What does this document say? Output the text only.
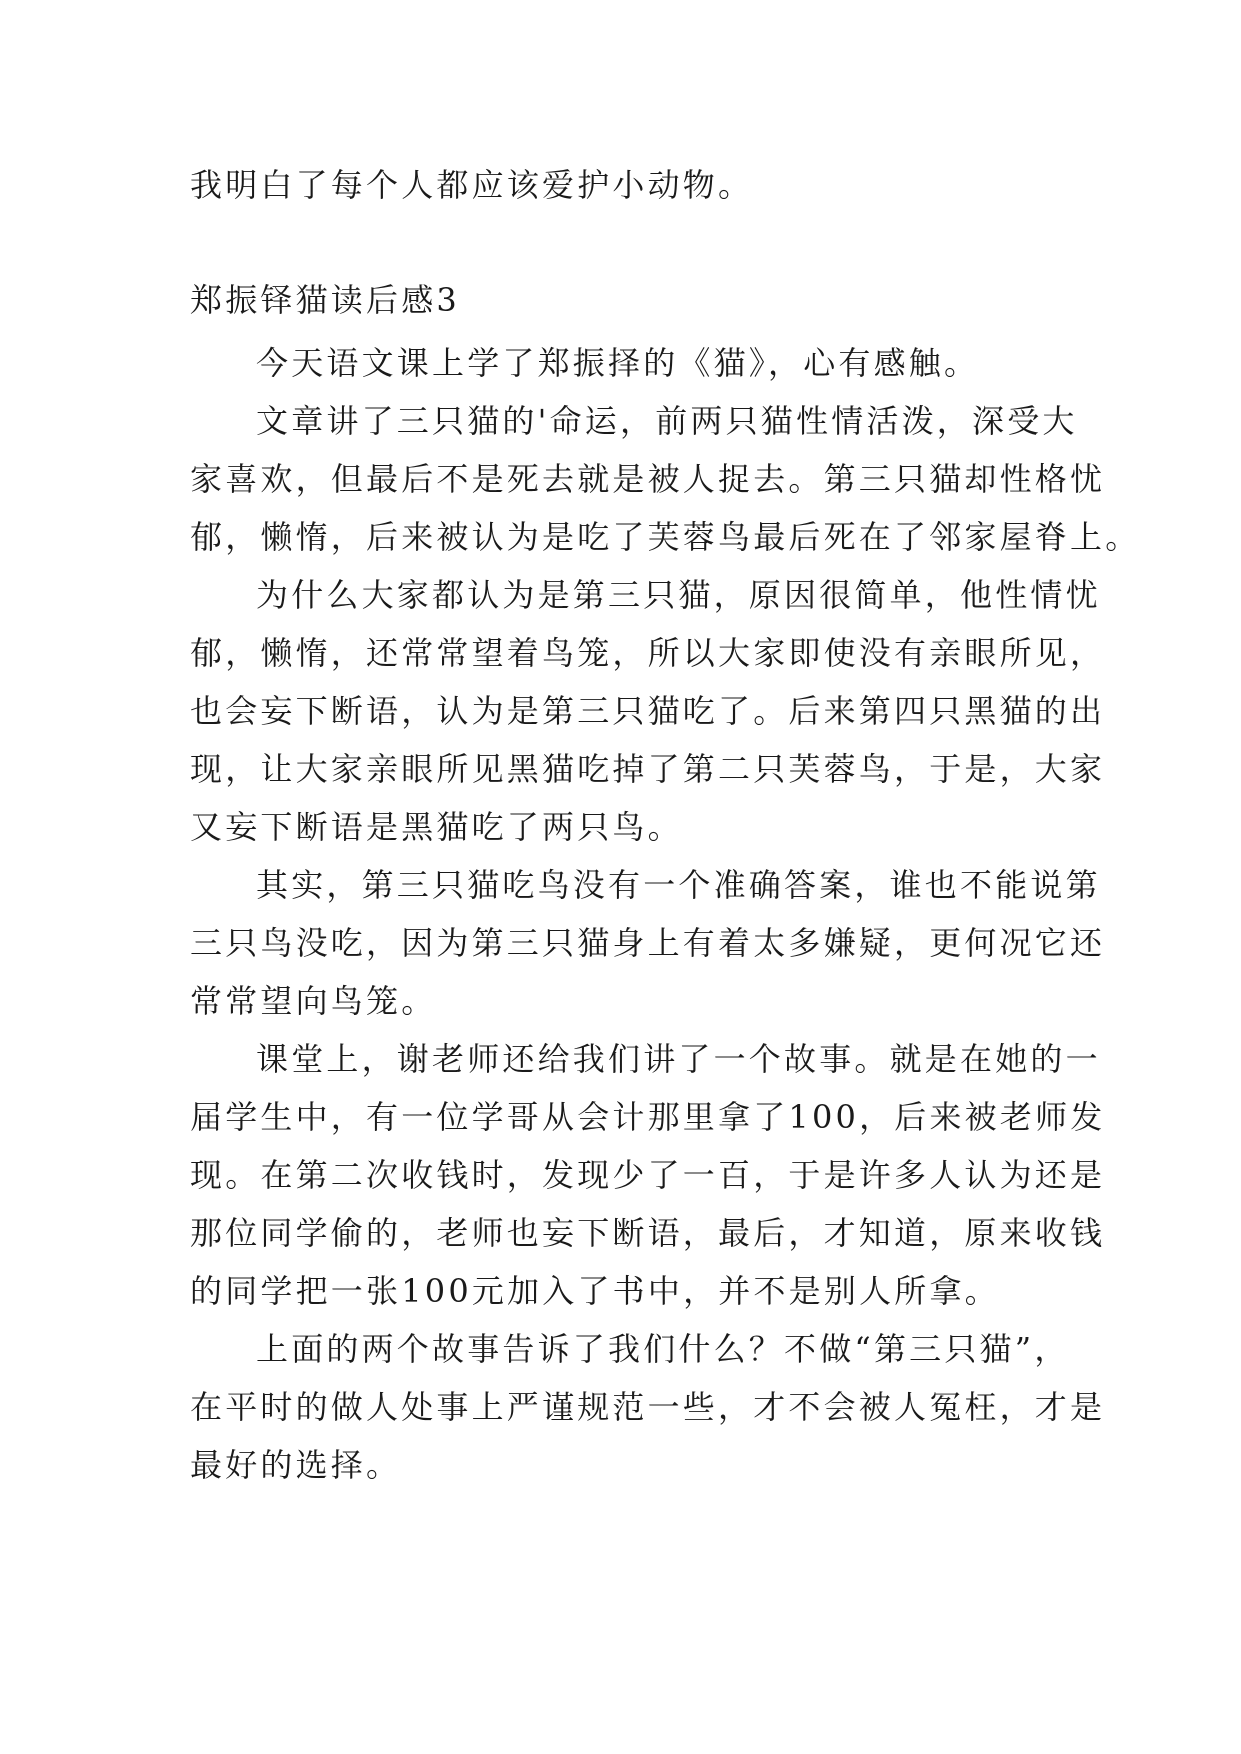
我明白了每个人都应该爱护小动物。
郑振铎猫读后感3
今天语文课上学了郑振择的《猫》，心有感触。
文章讲了三只猫的'命运，前两只猫性情活泼，深受大
家喜欢，但最后不是死去就是被人捉去。第三只猫却性格忧
郁，懒惰，后来被认为是吃了芙蓉鸟最后死在了邻家屋脊上。
为什么大家都认为是第三只猫，原因很简单，他性情忧
郁，懒惰，还常常望着鸟笼，所以大家即使没有亲眼所见，
也会妄下断语，认为是第三只猫吃了。后来第四只黑猫的出
现，让大家亲眼所见黑猫吃掉了第二只芙蓉鸟，于是，大家
又妄下断语是黑猫吃了两只鸟。
其实，第三只猫吃鸟没有一个准确答案，谁也不能说第
三只鸟没吃，因为第三只猫身上有着太多嫌疑，更何况它还
常常望向鸟笼。
课堂上，谢老师还给我们讲了一个故事。就是在她的一
届学生中，有一位学哥从会计那里拿了100，后来被老师发
现。在第二次收钱时，发现少了一百，于是许多人认为还是
那位同学偷的，老师也妄下断语，最后，才知道，原来收钱
的同学把一张100元加入了书中，并不是别人所拿。
上面的两个故事告诉了我们什么？不做“第三只猫”，
在平时的做人处事上严谨规范一些，才不会被人冤枉，才是
最好的选择。
